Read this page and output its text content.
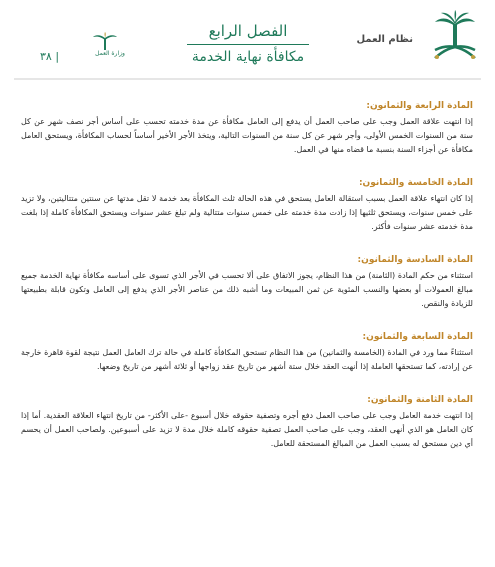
نظام العمل
الفصل الرابع
مكافأة نهاية الخدمة
وزارة العمل
٣٨ |

المادة الرابعة والثمانون:

إذا انتهت علاقة العمل وجب على صاحب العمل أن يدفع إلى العامل مكافأة عن مدة خدمته تحسب على أساس أجر نصف شهر عن كل سنة من السنوات الخمس الأولى، وأجر شهر عن كل سنة من السنوات التالية، ويتخذ الأجر الأخير أساساً لحساب المكافأة، ويستحق العامل مكافأة عن أجزاء السنة بنسبة ما قضاه منها في العمل.

المادة الخامسة والثمانون:

إذا كان انتهاء علاقة العمل بسبب استقالة العامل يستحق في هذه الحالة ثلث المكافأة بعد خدمة لا تقل مدتها عن سنتين متتاليتين، ولا تزيد على خمس سنوات، ويستحق ثلثيها إذا زادت مدة خدمته على خمس سنوات متتالية ولم تبلغ عشر سنوات ويستحق المكافأة كاملة إذا بلغت مدة خدمته عشر سنوات فأكثر.

المادة السادسة والثمانون:

استثناء من حكم المادة (الثامنة) من هذا النظام، يجوز الاتفاق على ألا تحسب في الأجر الذي تسوى على أساسه مكافأة نهاية الخدمة جميع مبالغ العمولات أو بعضها والنسب المئوية عن ثمن المبيعات وما أشبه ذلك من عناصر الأجر الذي يدفع إلى العامل وتكون قابلة بطبيعتها للزيادة والنقص.

المادة السابعة والثمانون:

استثناءً مما ورد في المادة (الخامسة والثمانين) من هذا النظام تستحق المكافأة كاملة في حالة ترك العامل العمل نتيجة لقوة قاهرة خارجة عن إرادته، كما تستحقها العاملة إذا أنهت العقد خلال ستة أشهر من تاريخ عقد زواجها أو ثلاثة أشهر من تاريخ وضعها.

المادة الثامنة والثمانون:

إذا انتهت خدمة العامل وجب على صاحب العمل دفع أجره وتصفية حقوقه خلال أسبوع -على الأكثر- من تاريخ انتهاء العلاقة العقدية. أما إذا كان العامل هو الذي أنهى العقد، وجب على صاحب العمل تصفية حقوقه كاملة خلال مدة لا تزيد على أسبوعين. ولصاحب العمل أن يحسم أي دين مستحق له بسبب العمل من المبالغ المستحقة للعامل.
